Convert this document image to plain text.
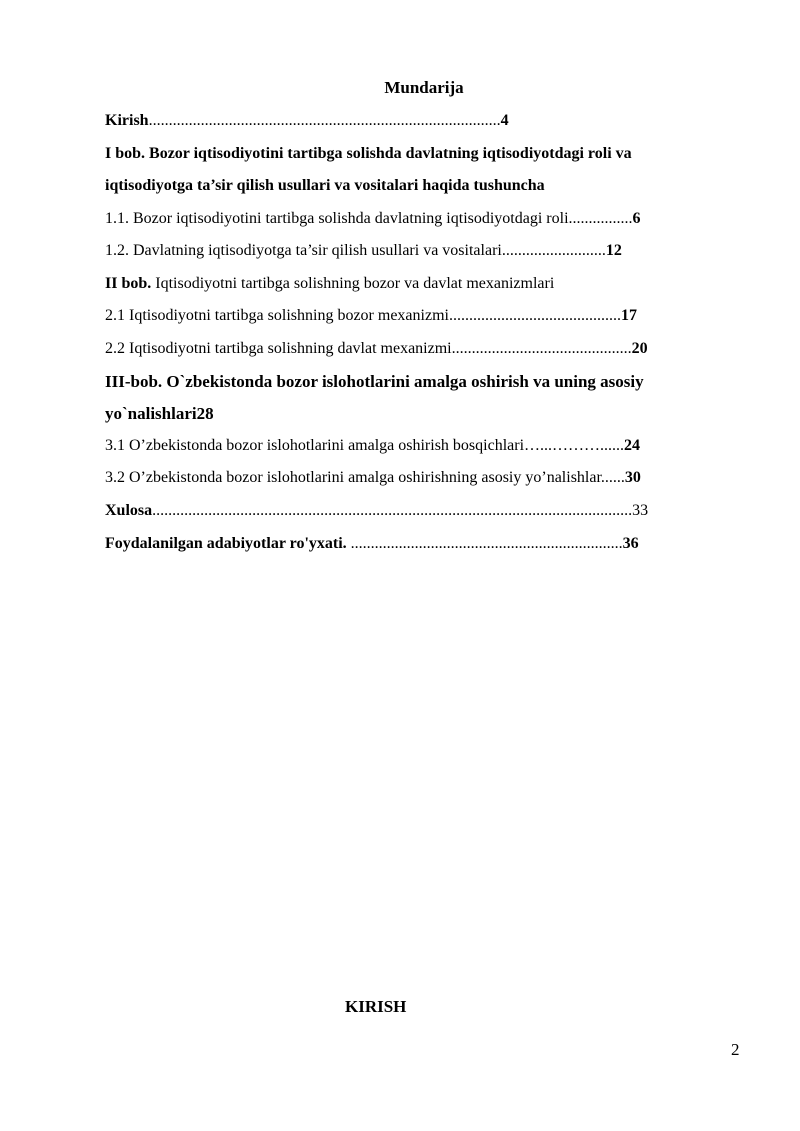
Mundarija
Kirish........................................................................................4
I bob. Bozor iqtisodiyotini tartibga solishda davlatning iqtisodiyotdagi roli va
iqtisodiyotga ta’sir qilish usullari va vositalari haqida tushuncha
1.1. Bozor iqtisodiyotini tartibga solishda davlatning iqtisodiyotdagi roli................6
1.2. Davlatning iqtisodiyotga ta’sir qilish usullari va vositalari..........................12
II bob. Iqtisodiyotni tartibga solishning bozor va davlat mexanizmlari
2.1 Iqtisodiyotni tartibga solishning bozor mexanizmi...........................................17
2.2 Iqtisodiyotni tartibga solishning davlat mexanizmi.............................................20
III-bob. O`zbekistonda bozor islohotlarini amalga oshirish va uning asosiy
yo`nalishlari28
3.1 O’zbekistonda bozor islohotlarini amalga oshirish bosqichlari…...………......24
3.2 O’zbekistonda bozor islohotlarini amalga oshirishning asosiy yo’nalishlar......30
Xulosa........................................................................................................................33
Foydalanilgan adabiyotlar ro'yxati. ....................................................................36
KIRISH
2
